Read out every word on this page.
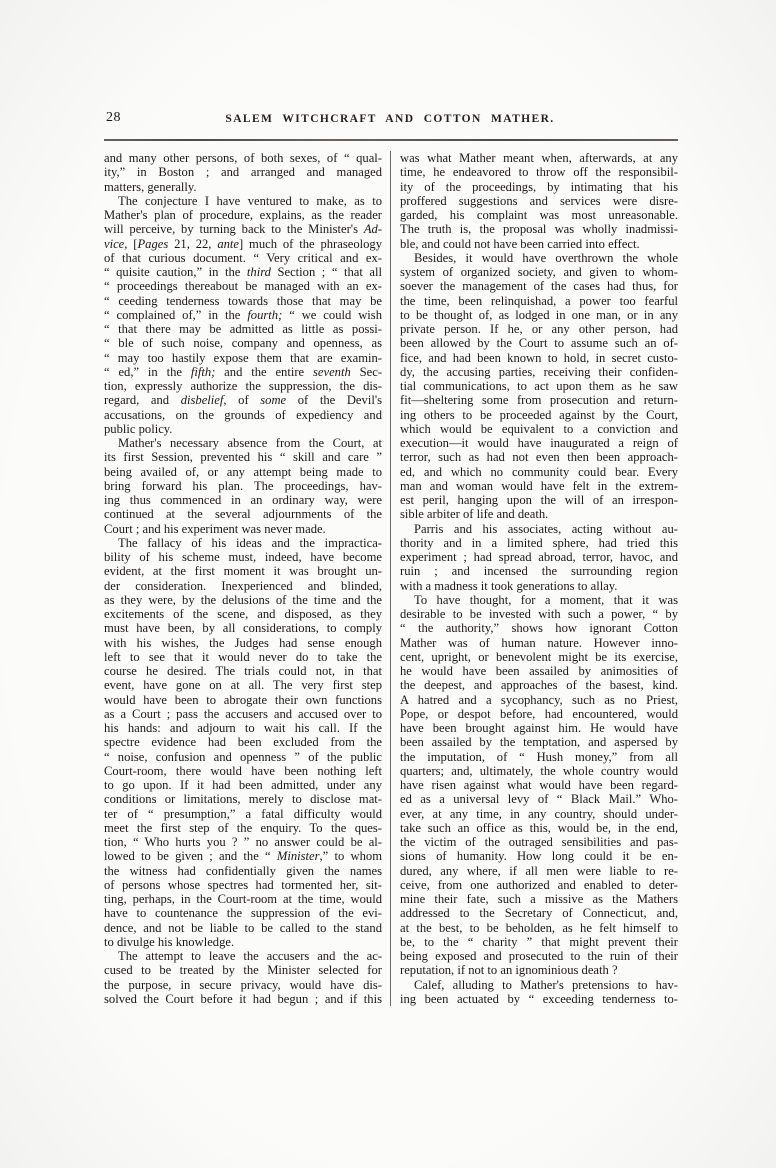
28	SALEM WITCHCRAFT AND COTTON MATHER.
and many other persons, of both sexes, of “ qual-
ity,” in Boston ; and arranged and managed
matters, generally.
The conjecture I have ventured to make, as to
Mather's plan of procedure, explains, as the reader
will perceive, by turning back to the Minister's Ad-
vice, [Pages 21, 22, ante] much of the phraseology
of that curious document. “ Very critical and ex-
“ quisite caution,” in the third Section ; “ that all
“ proceedings thereabout be managed with an ex-
“ ceeding tenderness towards those that may be
“ complained of,” in the fourth; “ we could wish
“ that there may be admitted as little as possi-
“ ble of such noise, company and openness, as
“ may too hastily expose them that are examin-
“ ed,” in the fifth; and the entire seventh Sec-
tion, expressly authorize the suppression, the dis-
regard, and disbelief, of some of the Devil's
accusations, on the grounds of expediency and
public policy.
Mather's necessary absence from the Court, at
its first Session, prevented his “ skill and care ”
being availed of, or any attempt being made to
bring forward his plan. The proceedings, hav-
ing thus commenced in an ordinary way, were
continued at the several adjournments of the
Court ; and his experiment was never made.
The fallacy of his ideas and the impractica-
bility of his scheme must, indeed, have become
evident, at the first moment it was brought un-
der consideration. Inexperienced and blinded,
as they were, by the delusions of the time and the
excitements of the scene, and disposed, as they
must have been, by all considerations, to comply
with his wishes, the Judges had sense enough
left to see that it would never do to take the
course he desired. The trials could not, in that
event, have gone on at all. The very first step
would have been to abrogate their own functions
as a Court ; pass the accusers and accused over to
his hands: and adjourn to wait his call. If the
spectre evidence had been excluded from the
“ noise, confusion and openness ” of the public
Court-room, there would have been nothing left
to go upon. If it had been admitted, under any
conditions or limitations, merely to disclose mat-
ter of “ presumption,” a fatal difficulty would
meet the first step of the enquiry. To the ques-
tion, “ Who hurts you ? ” no answer could be al-
lowed to be given ; and the “ Minister,” to whom
the witness had confidentially given the names
of persons whose spectres had tormented her, sit-
ting, perhaps, in the Court-room at the time, would
have to countenance the suppression of the evi-
dence, and not be liable to be called to the stand
to divulge his knowledge.
The attempt to leave the accusers and the ac-
cused to be treated by the Minister selected for
the purpose, in secure privacy, would have dis-
solved the Court before it had begun ; and if this
was what Mather meant when, afterwards, at any
time, he endeavored to throw off the responsibil-
ity of the proceedings, by intimating that his
proffered suggestions and services were disre-
garded, his complaint was most unreasonable.
The truth is, the proposal was wholly inadmissi-
ble, and could not have been carried into effect.
Besides, it would have overthrown the whole
system of organized society, and given to whom-
soever the management of the cases had thus, for
the time, been relinquishad, a power too fearful
to be thought of, as lodged in one man, or in any
private person. If he, or any other person, had
been allowed by the Court to assume such an of-
fice, and had been known to hold, in secret custo-
dy, the accusing parties, receiving their confiden-
tial communications, to act upon them as he saw
fit—sheltering some from prosecution and return-
ing others to be proceeded against by the Court,
which would be equivalent to a conviction and
execution—it would have inaugurated a reign of
terror, such as had not even then been approach-
ed, and which no community could bear. Every
man and woman would have felt in the extrem-
est peril, hanging upon the will of an irrespon-
sible arbiter of life and death.
Parris and his associates, acting without au-
thority and in a limited sphere, had tried this
experiment ; had spread abroad, terror, havoc, and
ruin ; and incensed the surrounding region
with a madness it took generations to allay.
To have thought, for a moment, that it was
desirable to be invested with such a power, “ by
“ the authority,” shows how ignorant Cotton
Mather was of human nature. However inno-
cent, upright, or benevolent might be its exercise,
he would have been assailed by animosities of
the deepest, and approaches of the basest, kind.
A hatred and a sycophancy, such as no Priest,
Pope, or despot before, had encountered, would
have been brought against him. He would have
been assailed by the temptation, and aspersed by
the imputation, of “ Hush money,” from all
quarters; and, ultimately, the whole country would
have risen against what would have been regard-
ed as a universal levy of “ Black Mail.” Who-
ever, at any time, in any country, should under-
take such an office as this, would be, in the end,
the victim of the outraged sensibilities and pas-
sions of humanity. How long could it be en-
dured, any where, if all men were liable to re-
ceive, from one authorized and enabled to deter-
mine their fate, such a missive as the Mathers
addressed to the Secretary of Connecticut, and,
at the best, to be beholden, as he felt himself to
be, to the “ charity ” that might prevent their
being exposed and prosecuted to the ruin of their
reputation, if not to an ignominious death ?
Calef, alluding to Mather's pretensions to hav-
ing been actuated by “ exceeding tenderness to-
